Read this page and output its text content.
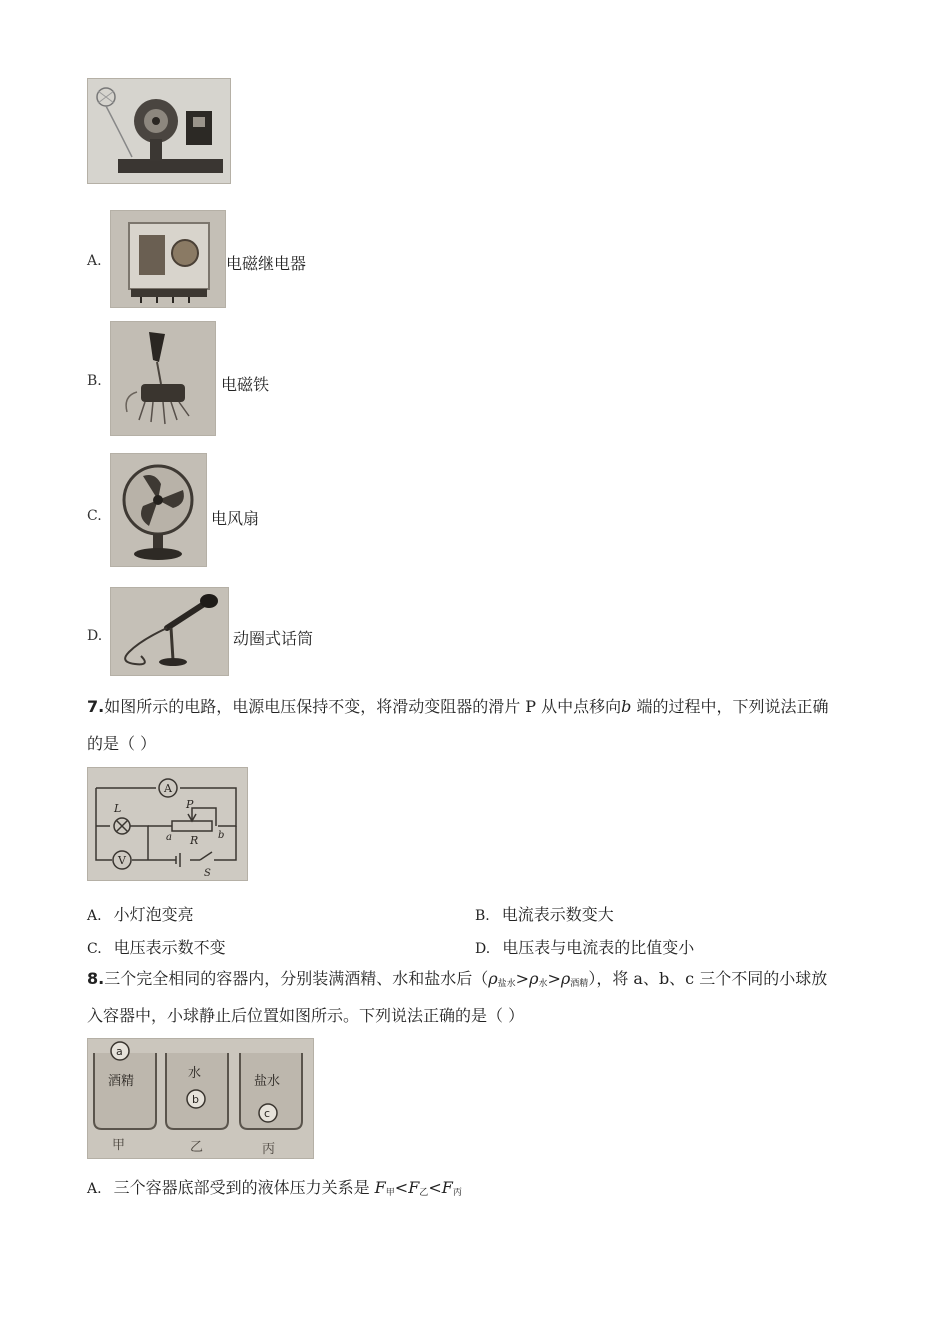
A.	电磁继电器
B.	电磁铁
C.	电风扇
D.	动圈式话筒
7.如图所示的电路，电源电压保持不变，将滑动变阻器的滑片 P 从中点移向b 端的过程中，下列说法正确
的是（ ）
A
V
L	P
R
a	b
S
A. 小灯泡变亮	B. 电流表示数变大
C. 电压表示数不变	D. 电压表与电流表的比值变小
8.三个完全相同的容器内，分别装满酒精、水和盐水后$(\rho_{盐水}>\rho_水>\rho_{酒精})$，将 a、b、c 三个不同的小球放
入容器中，小球静止后位置如图所示。下列说法正确的是（ ）
a
酒精
甲
水
b
乙
盐水
c
丙
A. 三个容器底部受到的液体压力关系是 $F_甲<F_乙<F_丙$
